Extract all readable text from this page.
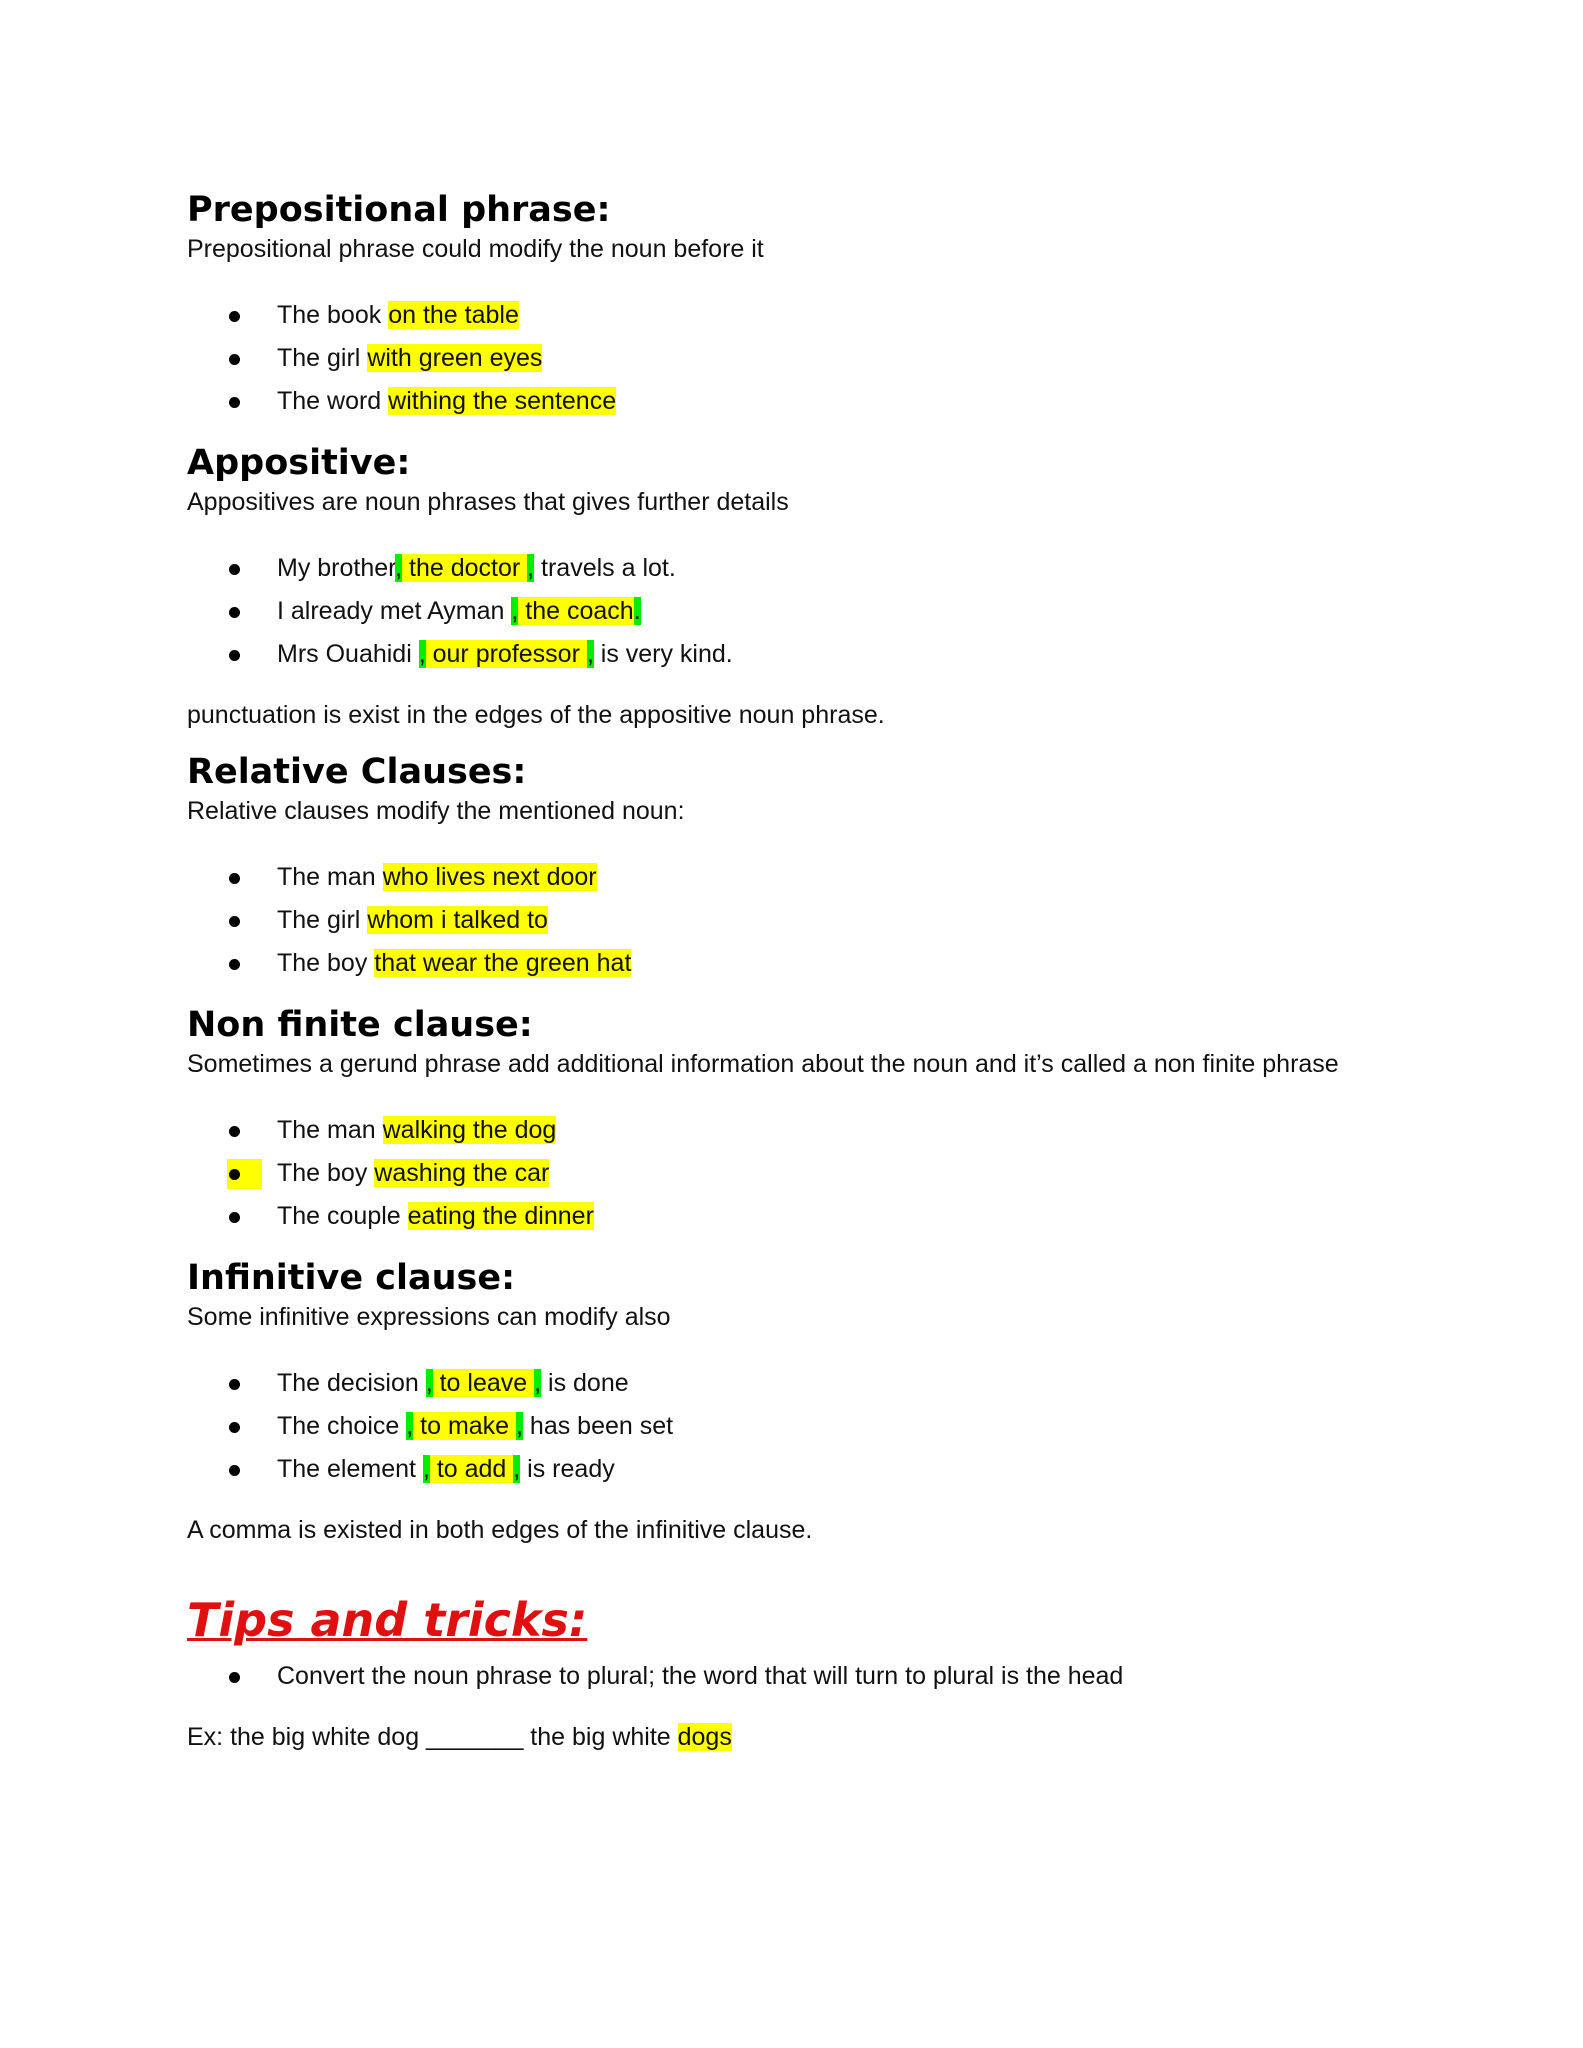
Prepositional phrase:

Prepositional phrase could modify the noun before it

The book on the table
The girl with green eyes
The word withing the sentence
Appositive:

Appositives are noun phrases that gives further details

My brother, the doctor , travels a lot.
I already met Ayman , the coach.
Mrs Ouahidi , our professor , is very kind.

punctuation is exist in the edges of the appositive noun phrase.

Relative Clauses:

Relative clauses modify the mentioned noun:

The man who lives next door
The girl whom i talked to
The boy that wear the green hat
Non finite clause:

Sometimes a gerund phrase add additional information about the noun and it’s called a non finite phrase

The man walking the dog
The boy washing the car
The couple eating the dinner
Infinitive clause:

Some infinitive expressions can modify also

The decision , to leave , is done
The choice , to make , has been set
The element , to add , is ready

A comma is existed in both edges of the infinitive clause.

Tips and tricks:
Convert the noun phrase to plural; the word that will turn to plural is the head

Ex: the big white dog _______ the big white dogs
